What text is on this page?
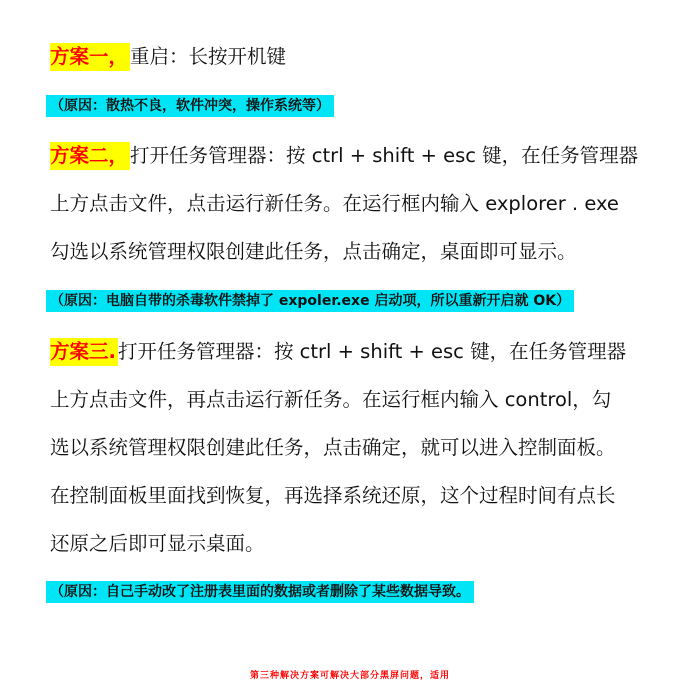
方案一， 重启：长按开机键
（原因：散热不良，软件冲突，操作系统等）
方案二， 打开任务管理器：按 ctrl + shift + esc 键，在任务管理器
上方点击文件，点击运行新任务。在运行框内输入 explorer . exe
勾选以系统管理权限创建此任务，点击确定，桌面即可显示。
（原因：电脑自带的杀毒软件禁掉了 expoler.exe 启动项，所以重新开启就 OK）
方案三. 打开任务管理器：按 ctrl + shift + esc 键，在任务管理器
上方点击文件，再点击运行新任务。在运行框内输入 control，勾
选以系统管理权限创建此任务，点击确定，就可以进入控制面板。
在控制面板里面找到恢复，再选择系统还原，这个过程时间有点长
还原之后即可显示桌面。
（原因：自己手动改了注册表里面的数据或者删除了某些数据导致。
第三种解决方案可解决大部分黑屏问题，适用
